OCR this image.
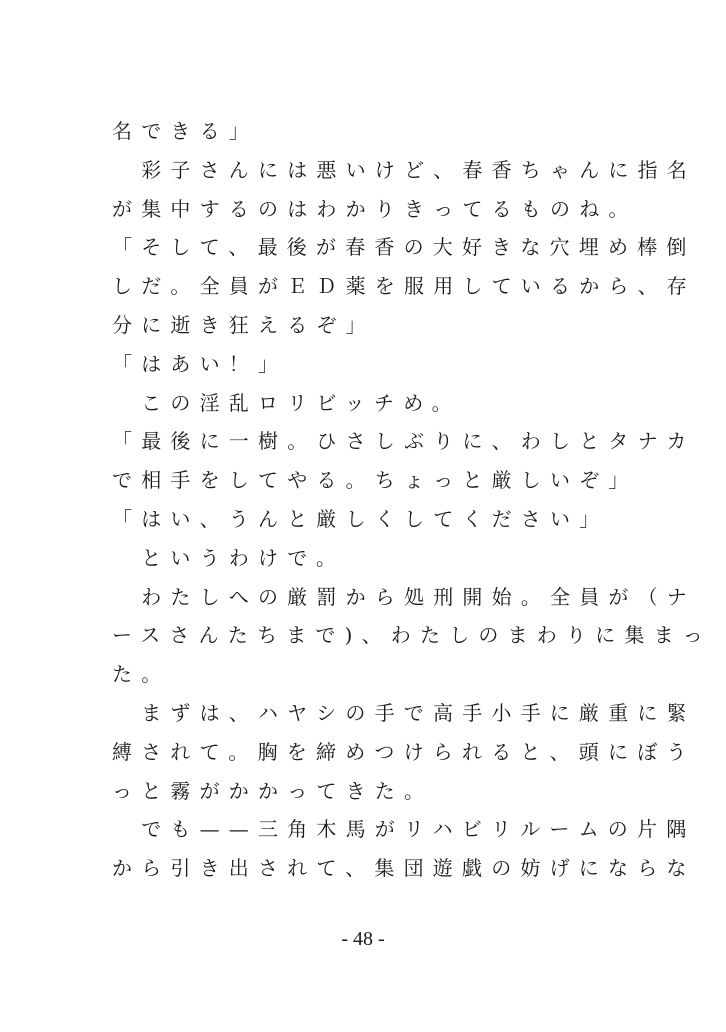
名できる」
　彩子さんには悪いけど、春香ちゃんに指名
が集中するのはわかりきってるものね。
「そして、最後が春香の大好きな穴埋め棒倒
しだ。全員がＥＤ薬を服用しているから、存
分に逝き狂えるぞ」
「はあい！」
　この淫乱ロリビッチめ。
「最後に一樹。ひさしぶりに、わしとタナカ
で相手をしてやる。ちょっと厳しいぞ」
「はい、うんと厳しくしてください」
　というわけで。
　わたしへの厳罰から処刑開始。全員が（ナ
ースさんたちまで)、わたしのまわりに集まっ
た。
　まずは、ハヤシの手で高手小手に厳重に緊
縛されて。胸を締めつけられると、頭にぼう
っと霧がかかってきた。
　でも——三角木馬がリハビリルームの片隅
から引き出されて、集団遊戯の妨げにならな
- 48 -
